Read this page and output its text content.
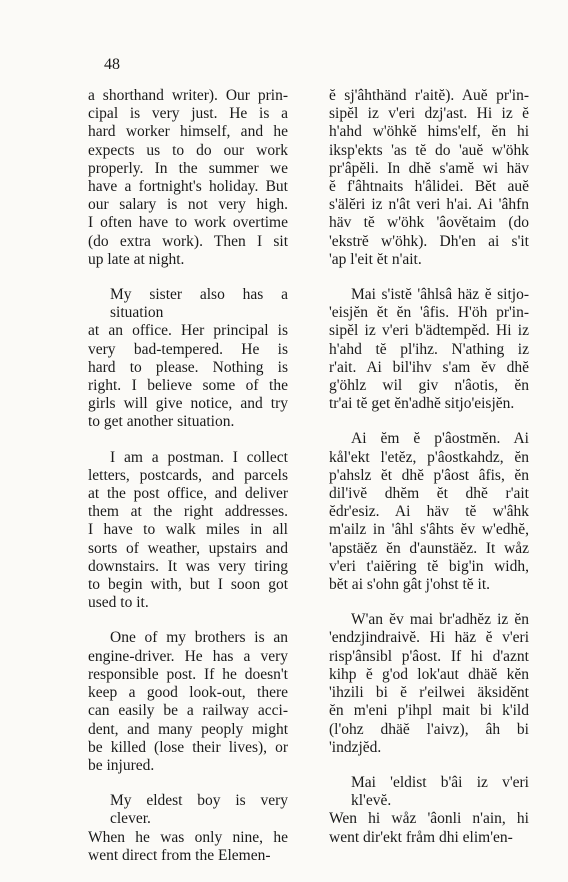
48
a shorthand writer). Our prin-
cipal is very just. He is a
hard worker himself, and he
expects us to do our work
properly. In the summer we
have a fortnight's holiday. But
our salary is not very high.
I often have to work overtime
(do extra work). Then I sit
up late at night.
My sister also has a situation
at an office. Her principal is
very bad-tempered. He is
hard to please. Nothing is
right. I believe some of the
girls will give notice, and try
to get another situation.
I am a postman. I collect
letters, postcards, and parcels
at the post office, and deliver
them at the right addresses.
I have to walk miles in all
sorts of weather, upstairs and
downstairs. It was very tiring
to begin with, but I soon got
used to it.
One of my brothers is an
engine-driver. He has a very
responsible post. If he doesn't
keep a good look-out, there
can easily be a railway acci-
dent, and many peoply might
be killed (lose their lives), or
be injured.
My eldest boy is very clever.
When he was only nine, he
went direct from the Elemen-
ĕ sj'âhthänd r'aitĕ). Auĕ pr'in-
sipĕl iz v'eri dzj'ast. Hi iz ĕ
h'ahd w'öhkĕ hims'elf, ĕn hi
iksp'ekts 'as tĕ do 'auĕ w'öhk
pr'âpĕli. In dhĕ s'amĕ wi häv
ĕ f'âhtnaits h'âlidei. Bĕt auĕ
s'älĕri iz n'ât veri h'ai. Ai 'âhfn
häv tĕ w'öhk 'âovĕtaim (do
'ekstrĕ w'öhk). Dh'en ai s'it
'ap l'eit ĕt n'ait.
Mai s'istĕ 'âhlsâ häz ĕ sitjo-
'eisjĕn ĕt ĕn 'âfis. H'öh pr'in-
sipĕl iz v'eri b'ädtempĕd. Hi iz
h'ahd tĕ pl'ihz. N'athing iz
r'ait. Ai bil'ihv s'am ĕv dhĕ
g'öhlz wil giv n'âotis, ĕn
tr'ai tĕ get ĕn'adhĕ sitjo'eisjĕn.
Ai ĕm ĕ p'âostmĕn. Ai
kål'ekt l'etĕz, p'âostkahdz, ĕn
p'ahslz ĕt dhĕ p'âost âfis, ĕn
dil'ivĕ dhĕm ĕt dhĕ r'ait
ĕdr'esiz. Ai häv tĕ w'âhk
m'ailz in 'âhl s'âhts ĕv w'edhĕ,
'apstäĕz ĕn d'aunstäĕz. It wåz
v'eri t'aiĕring tĕ big'in widh,
bĕt ai s'ohn gât j'ohst tĕ it.
W'an ĕv mai br'adhĕz iz ĕn
'endzjindraivĕ. Hi häz ĕ v'eri
risp'ânsibl p'âost. If hi d'aznt
kihp ĕ g'od lok'aut dhäĕ kĕn
'ihzili bi ĕ r'eilwei äksidĕnt
ĕn m'eni p'ihpl mait bi k'ild
(l'ohz dhäĕ l'aivz), âh bi
'indzjĕd.
Mai 'eldist b'âi iz v'eri kl'evĕ.
Wen hi wåz 'âonli n'ain, hi
went dir'ekt fråm dhi elim'en-
